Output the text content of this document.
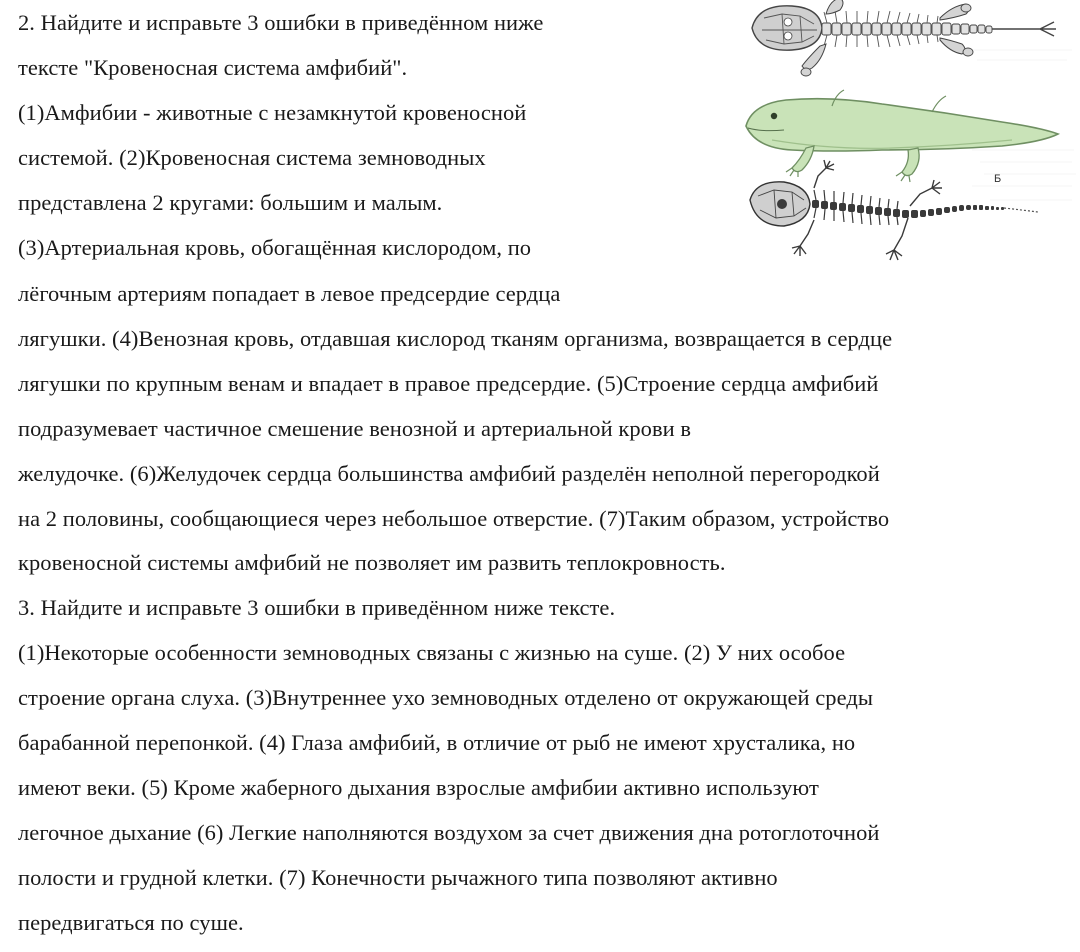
2. Найдите и исправьте 3 ошибки в приведённом ниже
тексте "Кровеносная система амфибий".
(1)Амфибии - животные с незамкнутой кровеносной
системой. (2)Кровеносная система земноводных
представлена 2 кругами: большим и малым.
(3)Артериальная кровь, обогащённая кислородом, по
лёгочным артериям попадает в левое предсердие сердца
лягушки. (4)Венозная кровь, отдавшая кислород тканям организма, возвращается в сердце
лягушки по крупным венам и впадает в правое предсердие. (5)Строение сердца амфибий
подразумевает частичное смешение венозной и артериальной крови в
желудочке. (6)Желудочек сердца большинства амфибий разделён неполной перегородкой
на 2 половины, сообщающиеся через небольшое отверстие. (7)Таким образом, устройство
кровеносной системы амфибий не позволяет им развить теплокровность.
3. Найдите и исправьте 3 ошибки в приведённом ниже тексте.
(1)Некоторые особенности земноводных связаны с жизнью на суше. (2) У них особое
строение органа слуха. (3)Внутреннее ухо земноводных отделено от окружающей среды
барабанной перепонкой. (4) Глаза амфибий, в отличие от рыб не имеют хрусталика, но
имеют веки. (5) Кроме жаберного дыхания взрослые амфибии активно используют
легочное дыхание (6) Легкие наполняются воздухом за счет движения дна ротоглоточной
полости и грудной клетки. (7) Конечности рычажного типа позволяют активно
передвигаться по суше.
Б
